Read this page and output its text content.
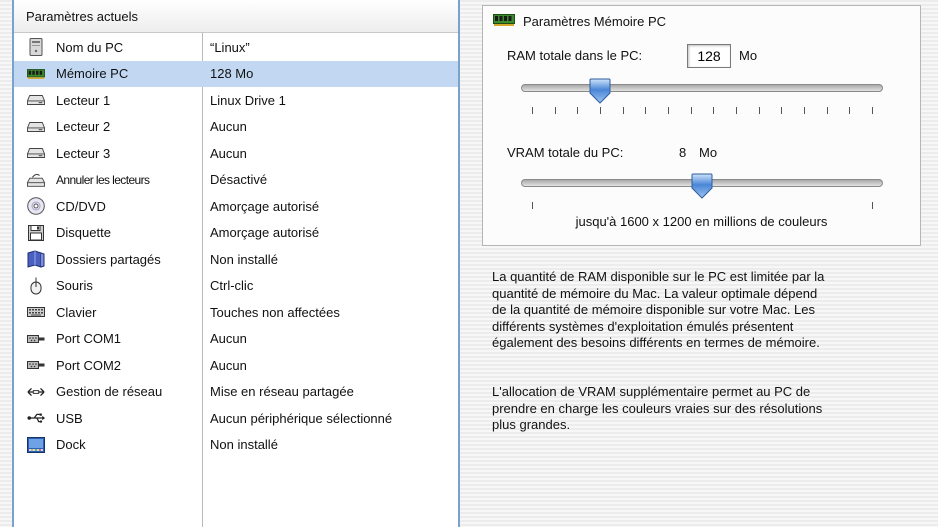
Paramètres actuels
Nom du PC	“Linux”
Mémoire PC	128 Mo
Lecteur 1	Linux Drive 1
Lecteur 2	Aucun
Lecteur 3	Aucun
Annuler les lecteurs	Désactivé
CD/DVD	Amorçage autorisé
Disquette	Amorçage autorisé
Dossiers partagés	Non installé
Souris	Ctrl-clic
Clavier	Touches non affectées
Port COM1	Aucun
Port COM2	Aucun
Gestion de réseau	Mise en réseau partagée
USB	Aucun périphérique sélectionné
Dock	Non installé
Paramètres Mémoire PC
RAM totale dans le PC:
128	Mo
VRAM totale du PC:	8 Mo
jusqu'à 1600 x 1200 en millions de couleurs
La quantité de RAM disponible sur le PC est limitée par la
quantité de mémoire du Mac. La valeur optimale dépend
de la quantité de mémoire disponible sur votre Mac. Les
différents systèmes d'exploitation émulés présentent
également des besoins différents en termes de mémoire.
L'allocation de VRAM supplémentaire permet au PC de
prendre en charge les couleurs vraies sur des résolutions
plus grandes.
